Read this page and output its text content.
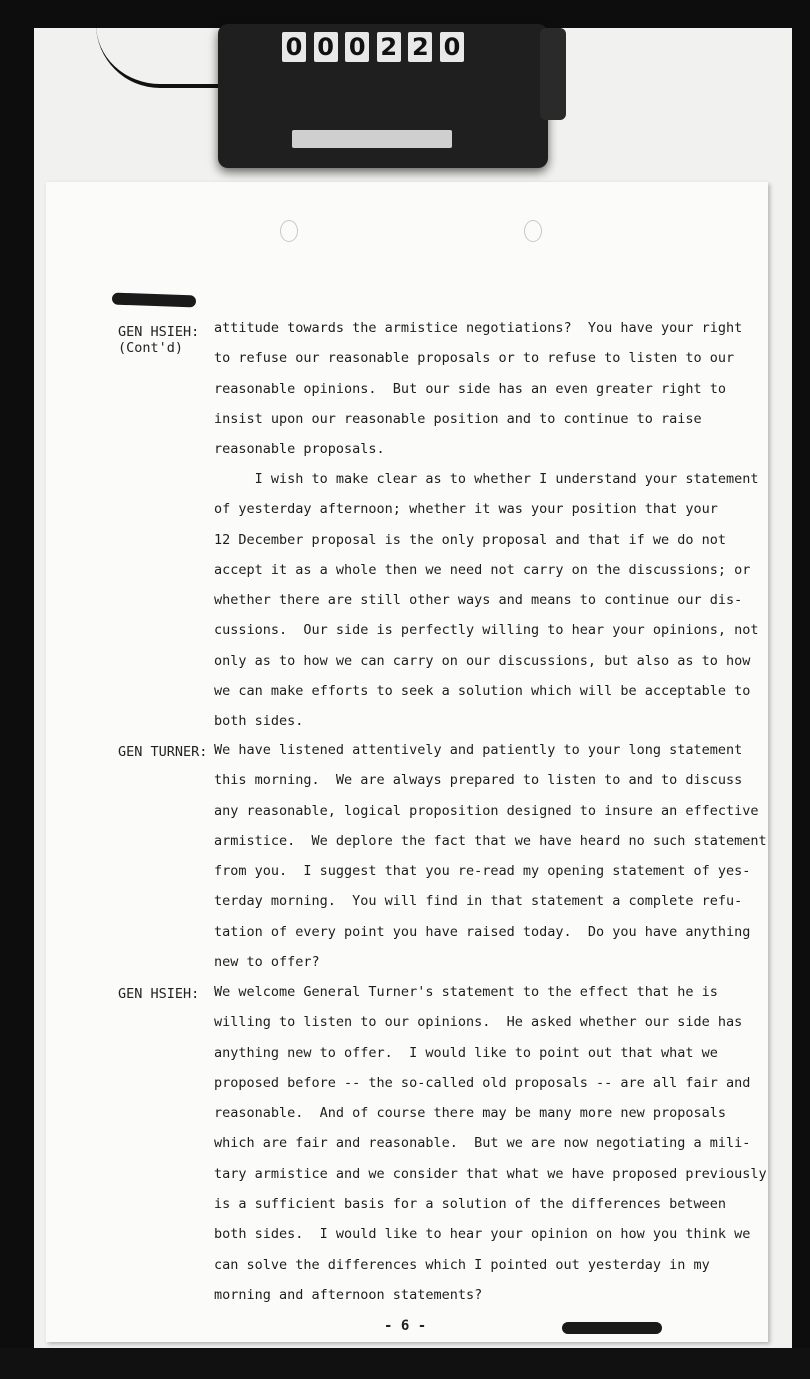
0 0 0 2 2 0
GEN HSIEH:
(Cont'd)

attitude towards the armistice negotiations?  You have your right
to refuse our reasonable proposals or to refuse to listen to our
reasonable opinions.  But our side has an even greater right to
insist upon our reasonable position and to continue to raise
reasonable proposals.

I wish to make clear as to whether I understand your statement
of yesterday afternoon; whether it was your position that your
12 December proposal is the only proposal and that if we do not
accept it as a whole then we need not carry on the discussions; or
whether there are still other ways and means to continue our dis-
cussions.  Our side is perfectly willing to hear your opinions, not
only as to how we can carry on our discussions, but also as to how
we can make efforts to seek a solution which will be acceptable to
both sides.

GEN TURNER: We have listened attentively and patiently to your long statement
this morning.  We are always prepared to listen to and to discuss
any reasonable, logical proposition designed to insure an effective
armistice.  We deplore the fact that we have heard no such statement
from you.  I suggest that you re-read my opening statement of yes-
terday morning.  You will find in that statement a complete refu-
tation of every point you have raised today.  Do you have anything
new to offer?

GEN HSIEH: We welcome General Turner's statement to the effect that he is
willing to listen to our opinions.  He asked whether our side has
anything new to offer.  I would like to point out that what we
proposed before -- the so-called old proposals -- are all fair and
reasonable.  And of course there may be many more new proposals
which are fair and reasonable.  But we are now negotiating a mili-
tary armistice and we consider that what we have proposed previously
is a sufficient basis for a solution of the differences between
both sides.  I would like to hear your opinion on how you think we
can solve the differences which I pointed out yesterday in my
morning and afternoon statements?

- 6 -
